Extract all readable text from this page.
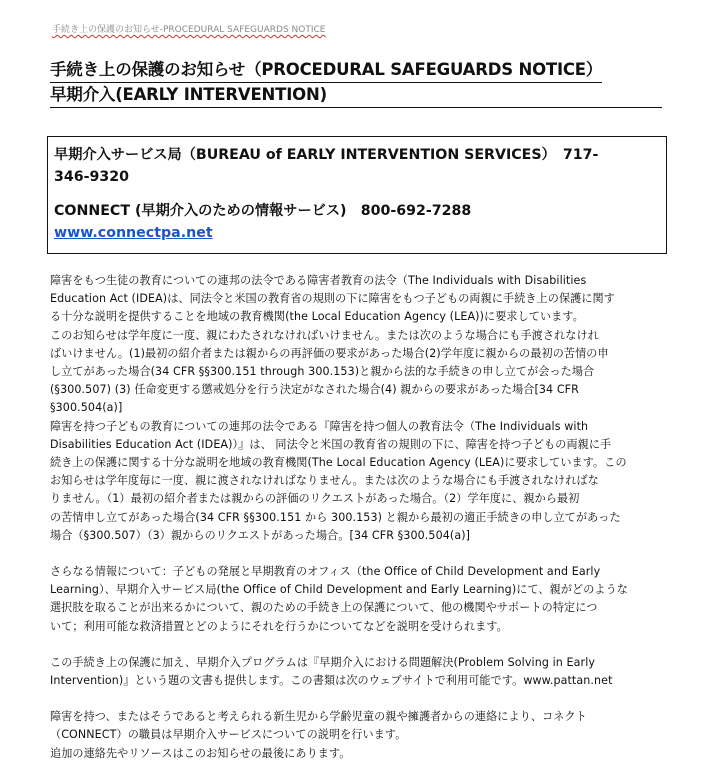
手続き上の保護のお知らせ-PROCEDURAL SAFEGUARDS NOTICE
手続き上の保護のお知らせ（PROCEDURAL SAFEGUARDS NOTICE）
早期介入(EARLY INTERVENTION)
早期介入サービス局（BUREAU of EARLY INTERVENTION SERVICES）　717-
346-9320
CONNECT (早期介入のための情報サービス)　800-692-7288
www.connectpa.net

障害をもつ生徒の教育についての連邦の法令である障害者教育の法令（The Individuals with Disabilities
Education Act (IDEA)は、同法令と米国の教育省の規則の下に障害をもつ子どもの両親に手続き上の保護に関す
る十分な説明を提供することを地域の教育機関(the Local Education Agency (LEA))に要求しています。
このお知らせは学年度に一度、親にわたされなければいけません。または次のような場合にも手渡されなけれ
ばいけません。(1)最初の紹介者または親からの再評価の要求があった場合(2)学年度に親からの最初の苦情の申
し立てがあった場合(34 CFR §§300.151 through 300.153)と親から法的な手続きの申し立てが会った場合
(§300.507) (3) 任命変更する懲戒処分を行う決定がなされた場合(4) 親からの要求があった場合[34 CFR
§300.504(a)]

障害を持つ子どもの教育についての連邦の法令である『障害を持つ個人の教育法令（The Individuals with
Disabilities Education Act (IDEA)）』は、 同法令と米国の教育省の規則の下に、障害を持つ子どもの両親に手
続き上の保護に関する十分な説明を地域の教育機関(The Local Education Agency (LEA)に要求しています。この
お知らせは学年度毎に一度、親に渡されなければなりません。または次のような場合にも手渡されなければな
りません。（1）最初の紹介者または親からの評価のリクエストがあった場合。（2）学年度に、親から最初
の苦情申し立てがあった場合(34 CFR §§300.151 から 300.153) と親から最初の適正手続きの申し立てがあった
場合（§300.507）（3）親からのリクエストがあった場合。[34 CFR §300.504(a)]

さらなる情報について：子どもの発展と早期教育のオフィス（the Office of Child Development and Early
Learning）、早期介入サービス局(the Office of Child Development and Early Learning)にて、親がどのような
選択肢を取ることが出来るかについて、親のための手続き上の保護について、他の機関やサポートの特定につ
いて；利用可能な救済措置とどのようにそれを行うかについてなどを説明を受けられます。

この手続き上の保護に加え、早期介入プログラムは『早期介入における問題解決(Problem Solving in Early
Intervention)』という題の文書も提供します。この書類は次のウェブサイトで利用可能です。www.pattan.net

障害を持つ、またはそうであると考えられる新生児から学齢児童の親や擁護者からの連絡により、コネクト
（CONNECT）の職員は早期介入サービスについての説明を行います。
追加の連絡先やリソースはこのお知らせの最後にあります。
